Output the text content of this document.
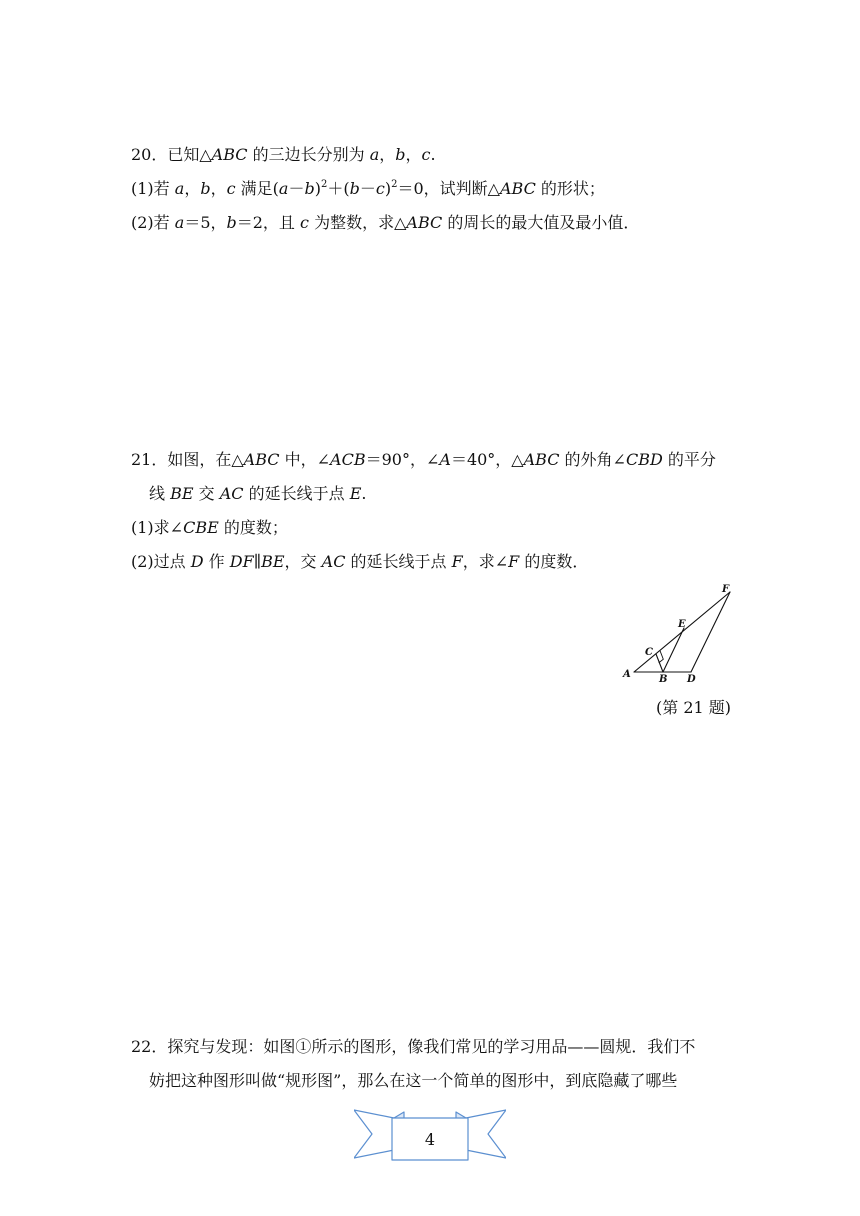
20．已知△ABC 的三边长分别为 a，b，c.
(1)若 a，b，c 满足$(a-b)^2+(b-c)^2=0$，试判断△ABC 的形状；
(2)若 a＝5，b＝2，且 c 为整数，求△ABC 的周长的最大值及最小值．
21．如图，在△ABC 中，∠ACB＝90°，∠A＝40°，△ABC 的外角∠CBD 的平分
线 BE 交 AC 的延长线于点 E.
(1)求∠CBE 的度数；
(2)过点 D 作 DF∥BE，交 AC 的延长线于点 F，求∠F 的度数．
A	B
C
D
E
F
(第 21 题)
22．探究与发现：如图①所示的图形，像我们常见的学习用品——圆规．我们不
妨把这种图形叫做“规形图”，那么在这一个简单的图形中，到底隐藏了哪些
4
